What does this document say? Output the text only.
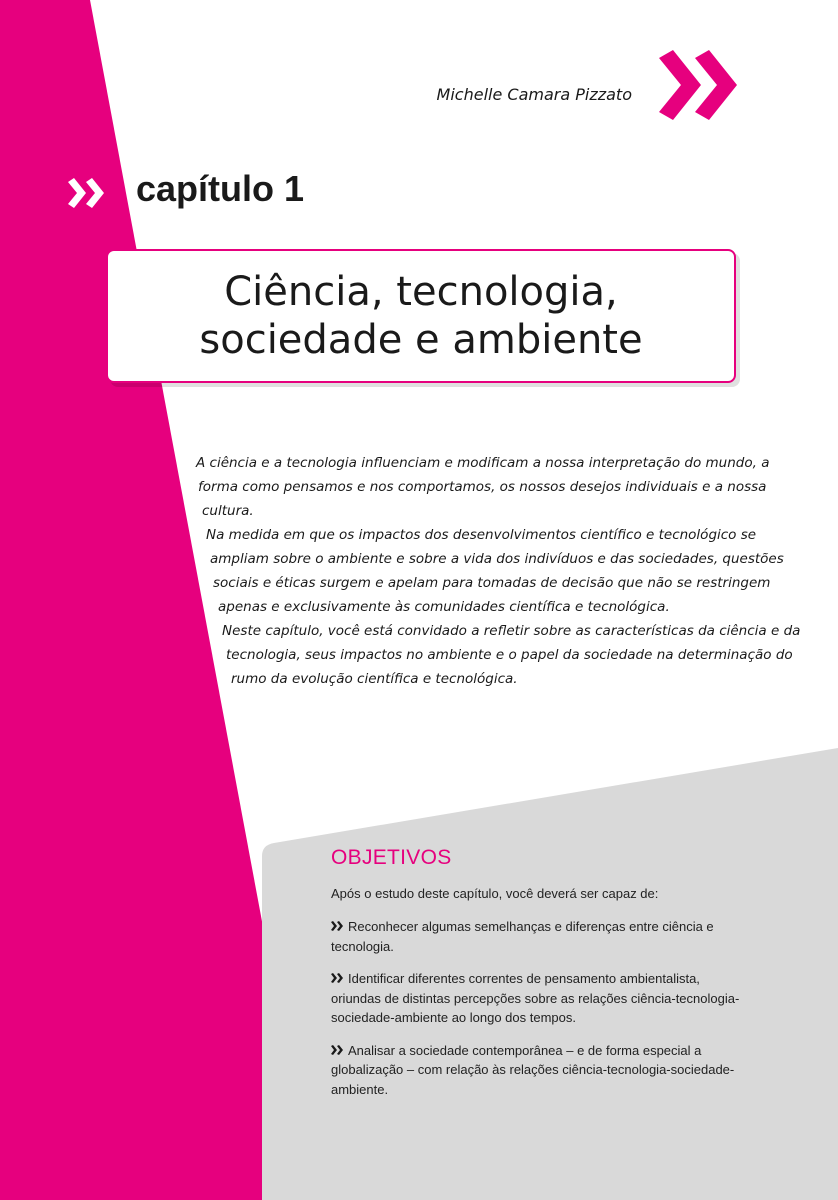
Michelle Camara Pizzato

capítulo 1

Ciência, tecnologia,

sociedade e ambiente

A ciência e a tecnologia influenciam e modificam a nossa interpretação do mundo, a

forma como pensamos e nos comportamos, os nossos desejos individuais e a nossa

cultura.

Na medida em que os impactos dos desenvolvimentos científico e tecnológico se

ampliam sobre o ambiente e sobre a vida dos indivíduos e das sociedades, questões

sociais e éticas surgem e apelam para tomadas de decisão que não se restringem

apenas e exclusivamente às comunidades científica e tecnológica.

Neste capítulo, você está convidado a refletir sobre as características da ciência e da

tecnologia, seus impactos no ambiente e o papel da sociedade na determinação do

rumo da evolução científica e tecnológica.

OBJETIVOS

Após o estudo deste capítulo, você deverá ser capaz de:

Reconhecer algumas semelhanças e diferenças entre ciência e
tecnologia.
Identificar diferentes correntes de pensamento ambientalista,
oriundas de distintas percepções sobre as relações ciência-tecnologia-
sociedade-ambiente ao longo dos tempos.
Analisar a sociedade contemporânea – e de forma especial a
globalização – com relação às relações ciência-tecnologia-sociedade-
ambiente.
